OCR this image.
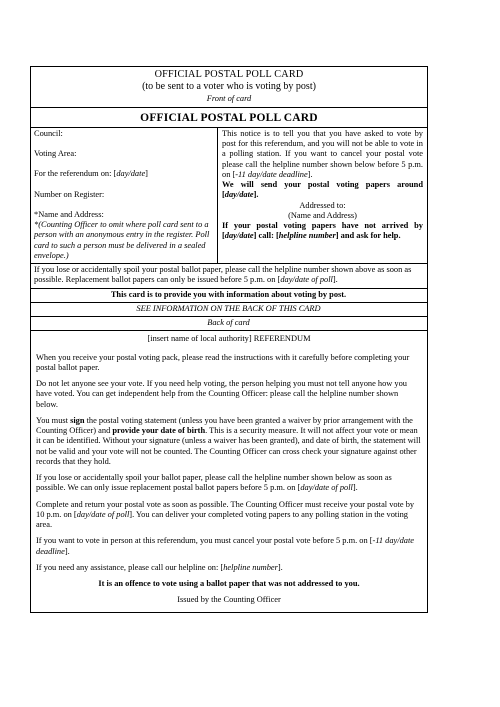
OFFICIAL POSTAL POLL CARD
(to be sent to a voter who is voting by post)
Front of card
OFFICIAL POSTAL POLL CARD
Council:
Voting Area:
For the referendum on: [day/date]
Number on Register:
*Name and Address:
*(Counting Officer to omit where poll card sent to a person with an anonymous entry in the register. Poll card to such a person must be delivered in a sealed envelope.)
This notice is to tell you that you have asked to vote by post for this referendum, and you will not be able to vote in a polling station. If you want to cancel your postal vote please call the helpline number shown below before 5 p.m. on [-11 day/date deadline].
We will send your postal voting papers around [day/date].
Addressed to:
(Name and Address)
If your postal voting papers have not arrived by [day/date] call: [helpline number] and ask for help.
If you lose or accidentally spoil your postal ballot paper, please call the helpline number shown above as soon as possible. Replacement ballot papers can only be issued before 5 p.m. on [day/date of poll].
This card is to provide you with information about voting by post.
SEE INFORMATION ON THE BACK OF THIS CARD
Back of card
[insert name of local authority] REFERENDUM

When you receive your postal voting pack, please read the instructions with it carefully before completing your postal ballot paper.

Do not let anyone see your vote. If you need help voting, the person helping you must not tell anyone how you have voted. You can get independent help from the Counting Officer: please call the helpline number shown below.

You must sign the postal voting statement (unless you have been granted a waiver by prior arrangement with the Counting Officer) and provide your date of birth. This is a security measure. It will not affect your vote or mean it can be identified. Without your signature (unless a waiver has been granted), and date of birth, the statement will not be valid and your vote will not be counted. The Counting Officer can cross check your signature against other records that they hold.

If you lose or accidentally spoil your ballot paper, please call the helpline number shown below as soon as possible. We can only issue replacement postal ballot papers before 5 p.m. on [day/date of poll].

Complete and return your postal vote as soon as possible. The Counting Officer must receive your postal vote by 10 p.m. on [day/date of poll]. You can deliver your completed voting papers to any polling station in the voting area.

If you want to vote in person at this referendum, you must cancel your postal vote before 5 p.m. on [-11 day/date deadline].

If you need any assistance, please call our helpline on: [helpline number].

It is an offence to vote using a ballot paper that was not addressed to you.

Issued by the Counting Officer
